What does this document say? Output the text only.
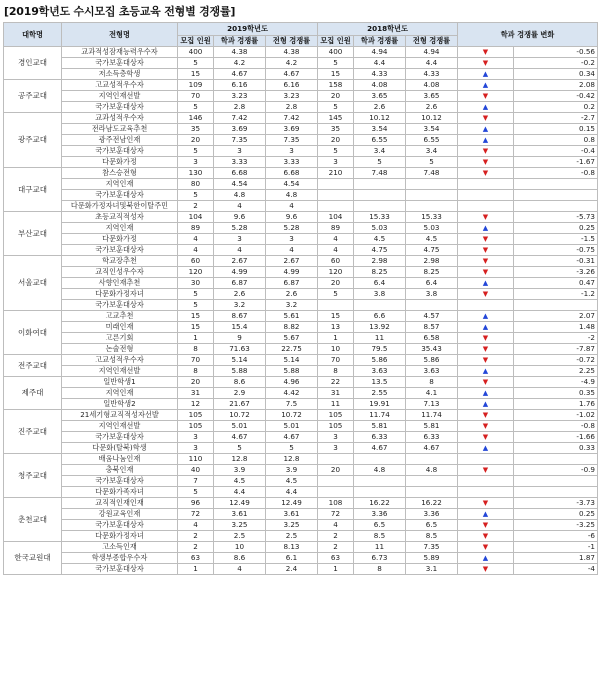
[2019학년도 수시모집 초등교육 전형별 경쟁률]
대학명	전형명	2019학년도			2018학년도			학과 경쟁률 변화	
		모집 인원	학과 경쟁률	전형 경쟁률	모집 인원	학과 경쟁률	전형 경쟁률		
경인교대	교과적성잠재능력우수자	400	4.38	4.38	400	4.94	4.94	▼	-0.56
	국가보훈대상자	5	4.2	4.2	5	4.4	4.4	▼	-0.2
	저소득층학생	15	4.67	4.67	15	4.33	4.33	▲	0.34
공주교대	고교성적우수자	109	6.16	6.16	158	4.08	4.08	▲	2.08
	지역인재선발	70	3.23	3.23	20	3.65	3.65	▼	-0.42
	국가보훈대상자	5	2.8	2.8	5	2.6	2.6	▲	0.2
광주교대	교과성적우수자	146	7.42	7.42	145	10.12	10.12	▼	-2.7
	전라남도교육추천	35	3.69	3.69	35	3.54	3.54	▲	0.15
	광주전남인재	20	7.35	7.35	20	6.55	6.55	▲	0.8
	국가보훈대상자	5	3	3	5	3.4	3.4	▼	-0.4
	다문화가정	3	3.33	3.33	3	5	5	▼	-1.67
대구교대	참스승전형	130	6.68	6.68	210	7.48	7.48	▼	-0.8
	지역인재	80	4.54	4.54					
	국가보훈대상자	5	4.8	4.8					
	다문화가정자녀및북한이탈주민	2	4	4					
부산교대	초등교직적성자	104	9.6	9.6	104	15.33	15.33	▼	-5.73
	지역인재	89	5.28	5.28	89	5.03	5.03	▲	0.25
	다문화가정	4	3	3	4	4.5	4.5	▼	-1.5
	국가보훈대상자	4	4	4	4	4.75	4.75	▼	-0.75
서울교대	학교장추천	60	2.67	2.67	60	2.98	2.98	▼	-0.31
	교직인성우수자	120	4.99	4.99	120	8.25	8.25	▼	-3.26
	사향인재추천	30	6.87	6.87	20	6.4	6.4	▲	0.47
	다문화가정자녀	5	2.6	2.6	5	3.8	3.8	▼	-1.2
	국가보훈대상자	5	3.2	3.2					
이화여대	고교추천	15	8.67	5.61	15	6.6	4.57	▲	2.07
	미래인재	15	15.4	8.82	13	13.92	8.57	▲	1.48
	고른기회	1	9	5.67	1	11	6.58	▼	-2
	논술전형	8	71.63	22.75	10	79.5	35.43	▼	-7.87
전주교대	고교성적우수자	70	5.14	5.14	70	5.86	5.86	▼	-0.72
	지역인재선발	8	5.88	5.88	8	3.63	3.63	▲	2.25
제주대	일반학생1	20	8.6	4.96	22	13.5	8	▼	-4.9
	지역인재	31	2.9	4.42	31	2.55	4.1	▲	0.35
	일반학생2	12	21.67	7.5	11	19.91	7.13	▲	1.76
진주교대	21세기형교직적성자선발	105	10.72	10.72	105	11.74	11.74	▼	-1.02
	지역인재선발	105	5.01	5.01	105	5.81	5.81	▼	-0.8
	국가보훈대상자	3	4.67	4.67	3	6.33	6.33	▼	-1.66
	다문화(탈북)학생	3	5	5	3	4.67	4.67	▲	0.33
청주교대	배움나눔인재	110	12.8	12.8					
	충북인재	40	3.9	3.9	20	4.8	4.8	▼	-0.9
	국가보훈대상자	7	4.5	4.5					
	다문화가족자녀	5	4.4	4.4					
춘천교대	교직적인재인재	96	12.49	12.49	108	16.22	16.22	▼	-3.73
	강원교육인재	72	3.61	3.61	72	3.36	3.36	▲	0.25
	국가보훈대상자	4	3.25	3.25	4	6.5	6.5	▼	-3.25
	다문화가정자녀	2	2.5	2.5	2	8.5	8.5	▼	-6
한국교원대	고소득인재	2	10	8.13	2	11	7.35	▼	-1
	학생부종합우수자	63	8.6	6.1	63	6.73	5.89	▲	1.87
	국가보훈대상자	1	4	2.4	1	8	3.1	▼	-4
